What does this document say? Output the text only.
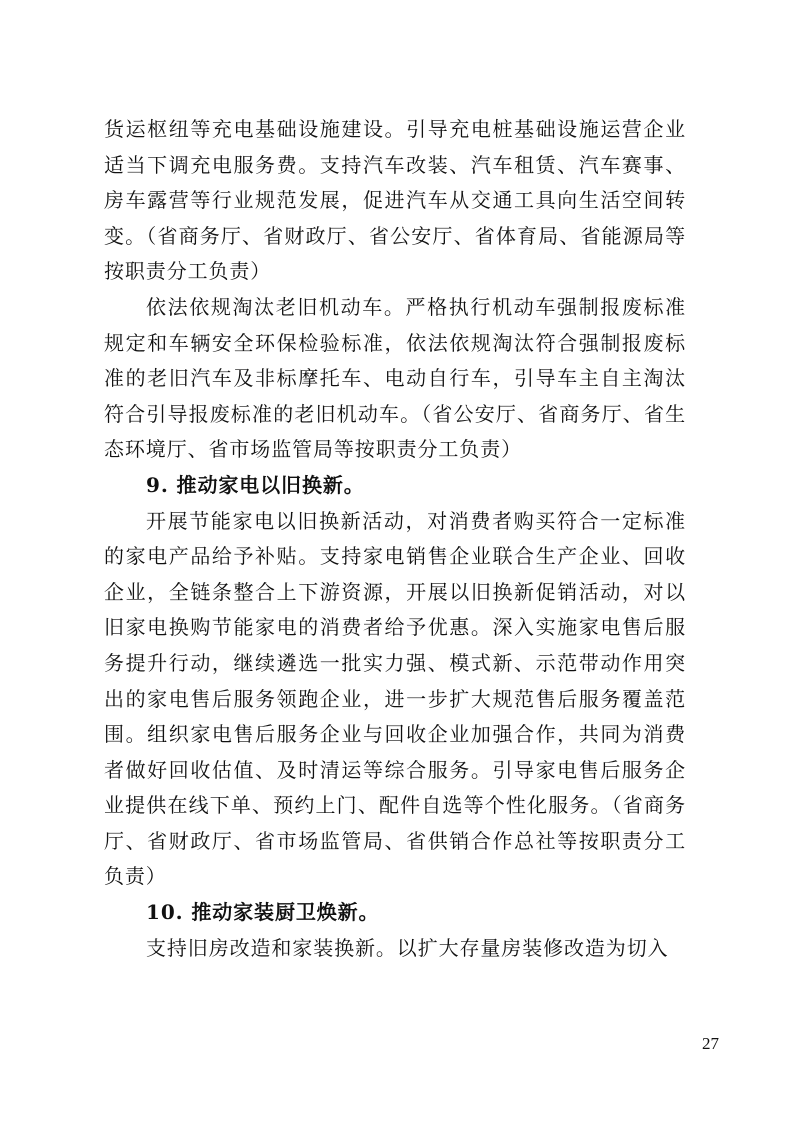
货运枢纽等充电基础设施建设。引导充电桩基础设施运营企业适当下调充电服务费。支持汽车改装、汽车租赁、汽车赛事、房车露营等行业规范发展，促进汽车从交通工具向生活空间转变。（省商务厅、省财政厅、省公安厅、省体育局、省能源局等按职责分工负责）

依法依规淘汰老旧机动车。严格执行机动车强制报废标准规定和车辆安全环保检验标准，依法依规淘汰符合强制报废标准的老旧汽车及非标摩托车、电动自行车，引导车主自主淘汰符合引导报废标准的老旧机动车。（省公安厅、省商务厅、省生态环境厅、省市场监管局等按职责分工负责）

9. 推动家电以旧换新。

开展节能家电以旧换新活动，对消费者购买符合一定标准的家电产品给予补贴。支持家电销售企业联合生产企业、回收企业，全链条整合上下游资源，开展以旧换新促销活动，对以旧家电换购节能家电的消费者给予优惠。深入实施家电售后服务提升行动，继续遴选一批实力强、模式新、示范带动作用突出的家电售后服务领跑企业，进一步扩大规范售后服务覆盖范围。组织家电售后服务企业与回收企业加强合作，共同为消费者做好回收估值、及时清运等综合服务。引导家电售后服务企业提供在线下单、预约上门、配件自选等个性化服务。（省商务厅、省财政厅、省市场监管局、省供销合作总社等按职责分工负责）

10. 推动家装厨卫焕新。

支持旧房改造和家装换新。以扩大存量房装修改造为切入

27
